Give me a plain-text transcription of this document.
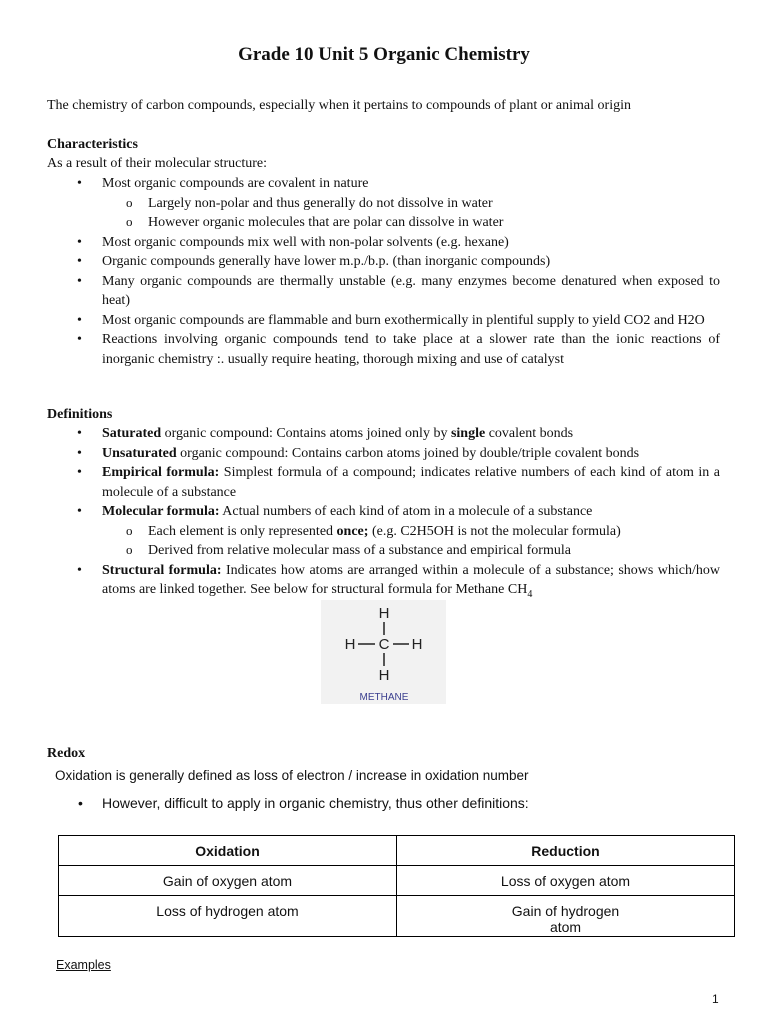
Grade 10 Unit 5 Organic Chemistry
The chemistry of carbon compounds, especially when it pertains to compounds of plant or animal origin
Characteristics
As a result of their molecular structure:
• Most organic compounds are covalent in nature
o Largely non-polar and thus generally do not dissolve in water
o However organic molecules that are polar can dissolve in water
• Most organic compounds mix well with non-polar solvents (e.g. hexane)
• Organic compounds generally have lower m.p./b.p. (than inorganic compounds)
• Many organic compounds are thermally unstable (e.g. many enzymes become denatured when exposed to heat)
• Most organic compounds are flammable and burn exothermically in plentiful supply to yield CO2 and H2O
• Reactions involving organic compounds tend to take place at a slower rate than the ionic reactions of inorganic chemistry :. usually require heating, thorough mixing and use of catalyst
Definitions
• Saturated organic compound: Contains atoms joined only by single covalent bonds
• Unsaturated organic compound: Contains carbon atoms joined by double/triple covalent bonds
• Empirical formula: Simplest formula of a compound; indicates relative numbers of each kind of atom in a molecule of a substance
• Molecular formula: Actual numbers of each kind of atom in a molecule of a substance
o Each element is only represented once; (e.g. C2H5OH is not the molecular formula)
o Derived from relative molecular mass of a substance and empirical formula
• Structural formula: Indicates how atoms are arranged within a molecule of a substance; shows which/how atoms are linked together. See below for structural formula for Methane $CH_4$
H
H C H
H
METHANE
Redox
Oxidation is generally defined as loss of electron / increase in oxidation number
• However, difficult to apply in organic chemistry, thus other definitions:
Oxidation	Reduction
Gain of oxygen atom	Loss of oxygen atom
Loss of hydrogen atom	Gain of hydrogen atom
Examples
1
